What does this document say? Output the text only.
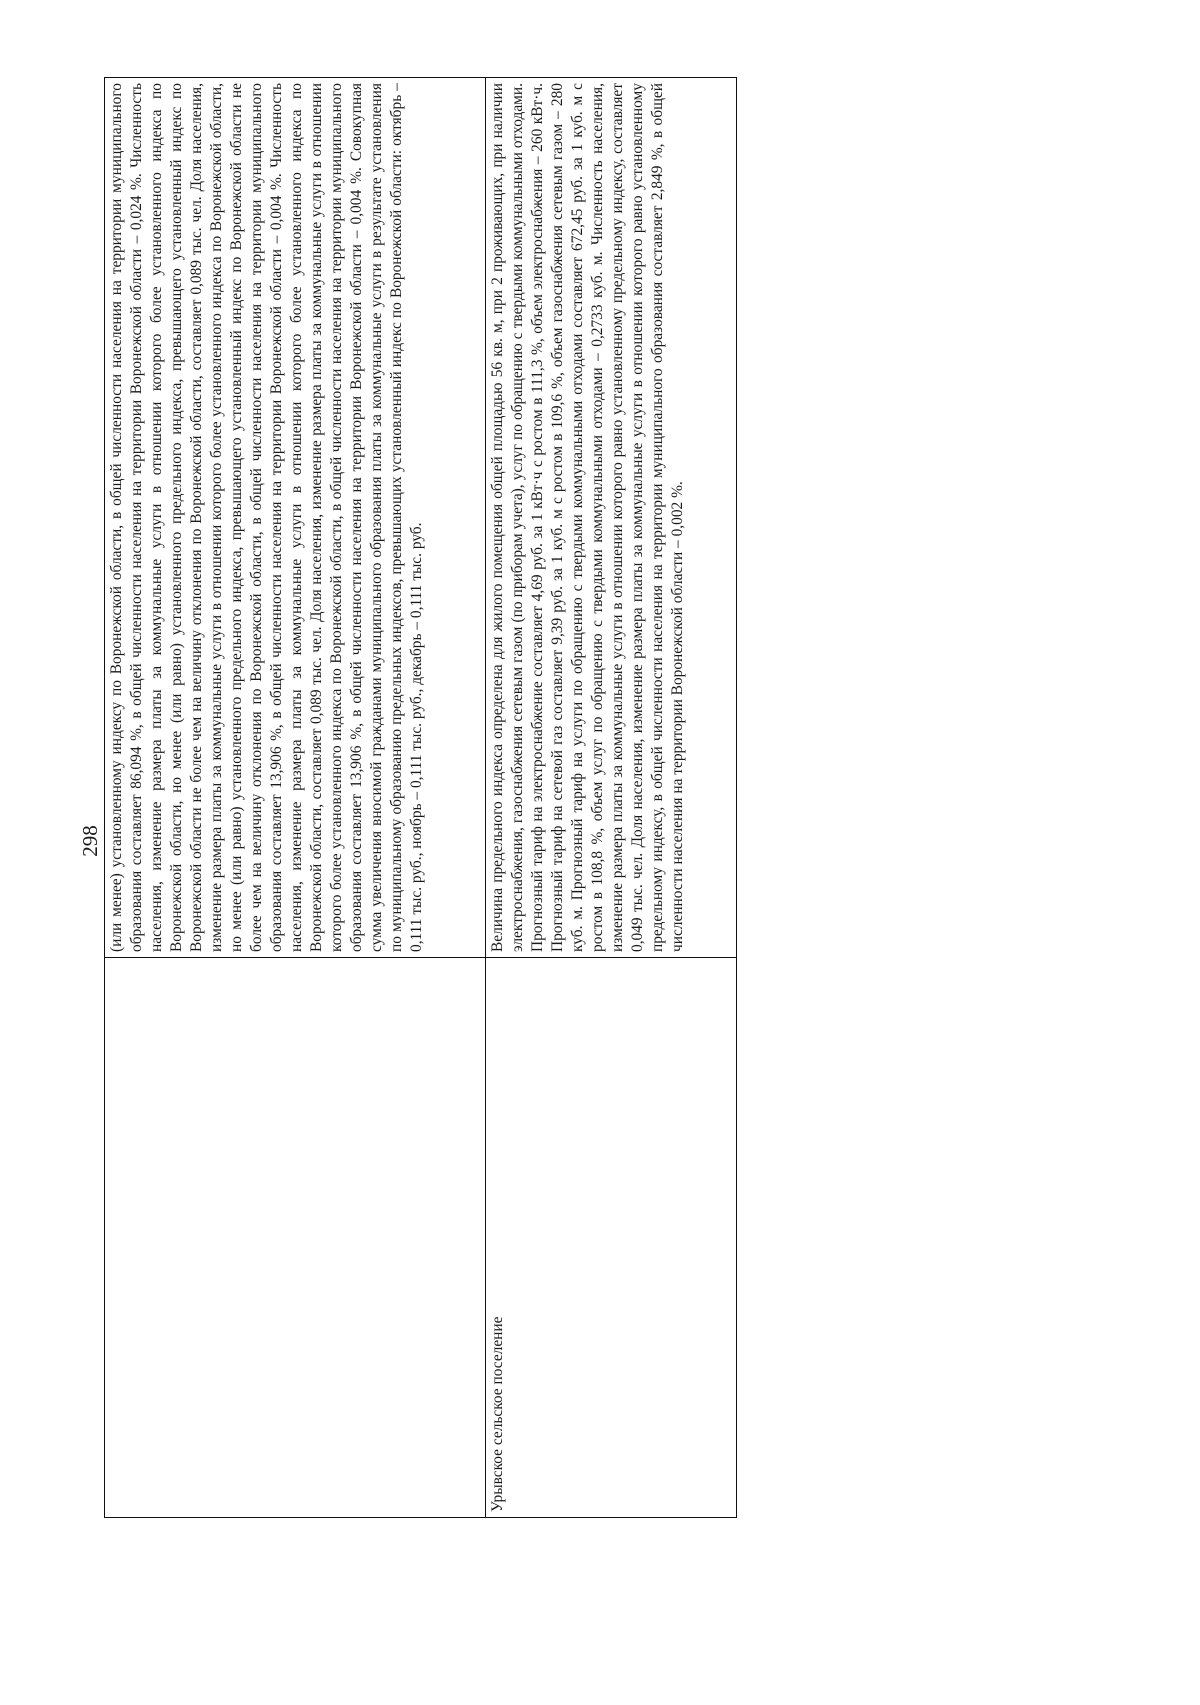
298

	(или менее) установленному индексу по Воронежской области, в общей численности населения на территории муниципального образования составляет 86,094 %, в общей численности населения на территории Воронежской области – 0,024 %. Численность населения, изменение размера платы за коммунальные услуги в отношении которого более установленного индекса по Воронежской области, но менее (или равно) установленного предельного индекса, превышающего установленный индекс по Воронежской области не более чем на величину отклонения по Воронежской области, составляет 0,089 тыс. чел. Доля населения, изменение размера платы за коммунальные услуги в отношении которого более установленного индекса по Воронежской области, но менее (или равно) установленного предельного индекса, превышающего установленный индекс по Воронежской области не более чем на величину отклонения по Воронежской области, в общей численности населения на территории муниципального образования составляет 13,906 %, в общей численности населения на территории Воронежской области – 0,004 %. Численность населения, изменение размера платы за коммунальные услуги в отношении которого более установленного индекса по Воронежской области, составляет 0,089 тыс. чел. Доля населения, изменение размера платы за коммунальные услуги в отношении которого более установленного индекса по Воронежской области, в общей численности населения на территории муниципального образования составляет 13,906 %, в общей численности населения на территории Воронежской области – 0,004 %. Совокупная сумма увеличения вносимой гражданами муниципального образования платы за коммунальные услуги в результате установления по муниципальному образованию предельных индексов, превышающих установленный индекс по Воронежской области: октябрь – 0,111 тыс. руб., ноябрь – 0,111 тыс. руб., декабрь – 0,111 тыс. руб.

Урывское сельское поселение	Величина предельного индекса определена для жилого помещения общей площадью 56 кв. м, при 2 проживающих, при наличии электроснабжения, газоснабжения сетевым газом (по приборам учета), услуг по обращению с твердыми коммунальными отходами. Прогнозный тариф на электроснабжение составляет 4,69 руб. за 1 кВт·ч с ростом в 111,3 %, объем электроснабжения – 260 кВт·ч. Прогнозный тариф на сетевой газ составляет 9,39 руб. за 1 куб. м с ростом в 109,6 %, объем газоснабжения сетевым газом – 280 куб. м. Прогнозный тариф на услуги по обращению с твердыми коммунальными отходами составляет 672,45 руб. за 1 куб. м с ростом в 108,8 %, объем услуг по обращению с твердыми коммунальными отходами – 0,2733 куб. м. Численность населения, изменение размера платы за коммунальные услуги в отношении которого равно установленному предельному индексу, составляет 0,049 тыс. чел. Доля населения, изменение размера платы за коммунальные услуги в отношении которого равно установленному предельному индексу, в общей численности населения на территории муниципального образования составляет 2,849 %, в общей численности населения на территории Воронежской области – 0,002 %.
